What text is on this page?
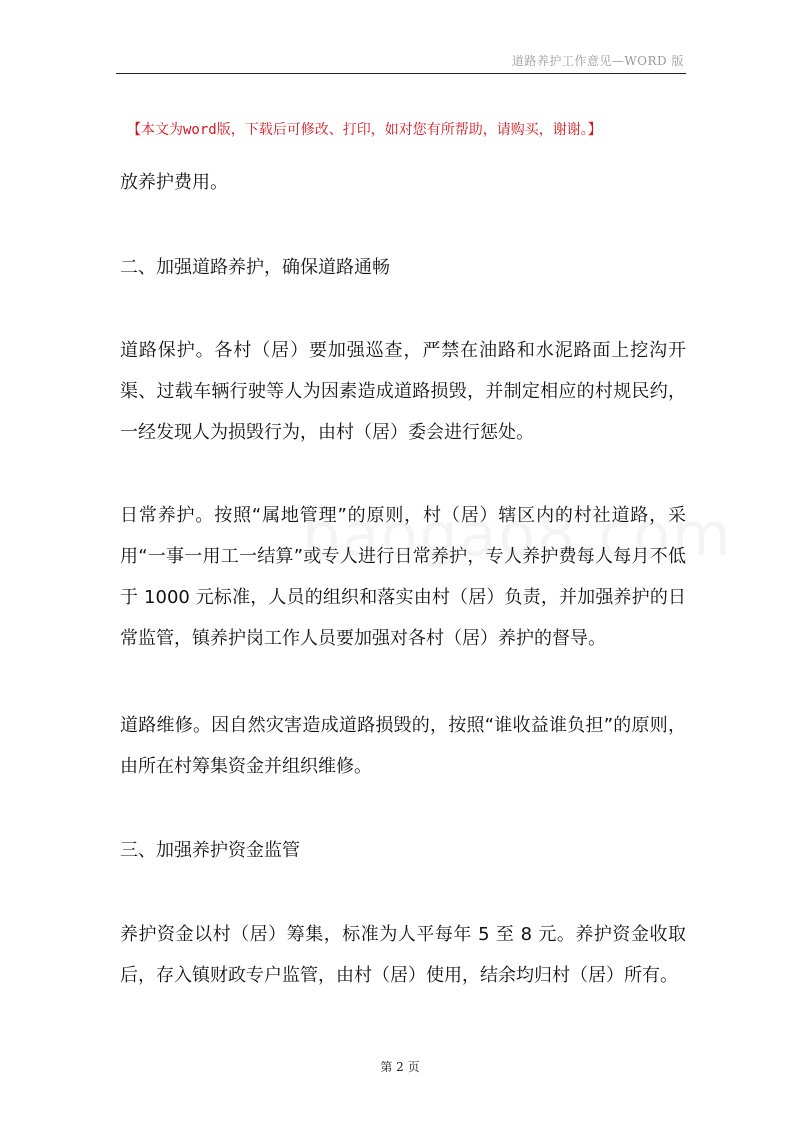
道路养护工作意见—WORD 版
【本文为word版，下载后可修改、打印，如对您有所帮助，请购买，谢谢。】
放养护费用。
二、加强道路养护，确保道路通畅
道路保护。各村（居）要加强巡查，严禁在油路和水泥路面上挖沟开渠、过载车辆行驶等人为因素造成道路损毁，并制定相应的村规民约，一经发现人为损毁行为，由村（居）委会进行惩处。
日常养护。按照“属地管理”的原则，村（居）辖区内的村社道路，采用“一事一用工一结算”或专人进行日常养护，专人养护费每人每月不低于 1000 元标准，人员的组织和落实由村（居）负责，并加强养护的日常监管，镇养护岗工作人员要加强对各村（居）养护的督导。
道路维修。因自然灾害造成道路损毁的，按照“谁收益谁负担”的原则，由所在村筹集资金并组织维修。
三、加强养护资金监管
养护资金以村（居）筹集，标准为人平每年 5 至 8 元。养护资金收取后，存入镇财政专户监管，由村（居）使用，结余均归村（居）所有。
第 2 页
